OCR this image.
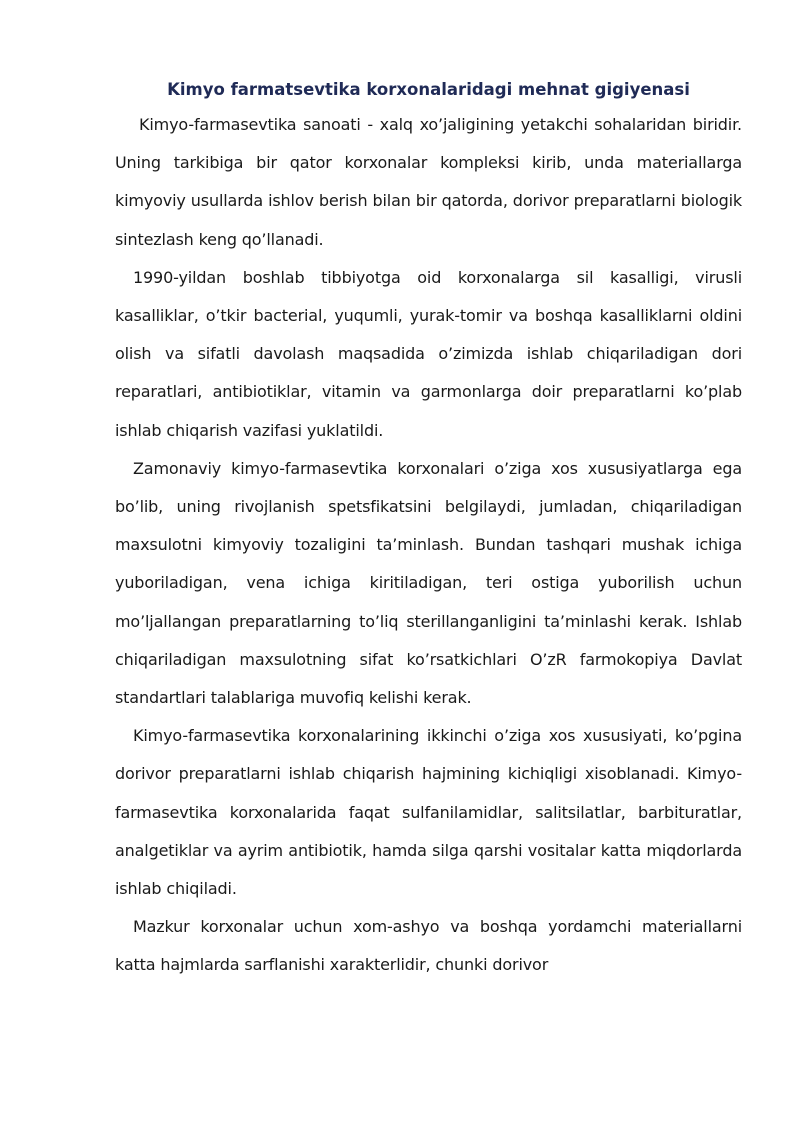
Kimyo farmatsevtika korxonalaridagi mehnat gigiyenasi

Kimyo-farmasevtika sanoati - xalq xo’jaligining yetakchi sohalaridan biridir. Uning tarkibiga bir qator korxonalar kompleksi kirib, unda materiallarga kimyoviy usullarda ishlov berish bilan bir qatorda, dorivor preparatlarni biologik sintezlash keng qo’llanadi.

1990-yildan boshlab tibbiyotga oid korxonalarga sil kasalligi, virusli kasalliklar, o’tkir bacterial, yuqumli, yurak-tomir va boshqa kasalliklarni oldini olish va sifatli davolash maqsadida o’zimizda ishlab chiqariladigan dori reparatlari, antibiotiklar, vitamin va garmonlarga doir preparatlarni ko’plab ishlab chiqarish vazifasi yuklatildi.

Zamonaviy kimyo-farmasevtika korxonalari o’ziga xos xususiyatlarga ega bo’lib, uning rivojlanish spetsfikatsini belgilaydi, jumladan, chiqariladigan maxsulotni kimyoviy tozaligini ta’minlash. Bundan tashqari mushak ichiga yuboriladigan, vena ichiga kiritiladigan, teri ostiga yuborilish uchun mo’ljallangan preparatlarning to’liq sterillanganligini ta’minlashi kerak. Ishlab chiqariladigan maxsulotning sifat ko’rsatkichlari O’zR farmokopiya Davlat standartlari talablariga muvofiq kelishi kerak.

Kimyo-farmasevtika korxonalarining ikkinchi o’ziga xos xususiyati, ko’pgina dorivor preparatlarni ishlab chiqarish hajmining kichiqligi xisoblanadi. Kimyo-farmasevtika korxonalarida faqat sulfanilamidlar, salitsilatlar, barbituratlar, analgetiklar va ayrim antibiotik, hamda silga qarshi vositalar katta miqdorlarda ishlab chiqiladi.

Mazkur korxonalar uchun xom-ashyo va boshqa yordamchi materiallarni katta hajmlarda sarflanishi xarakterlidir, chunki dorivor
